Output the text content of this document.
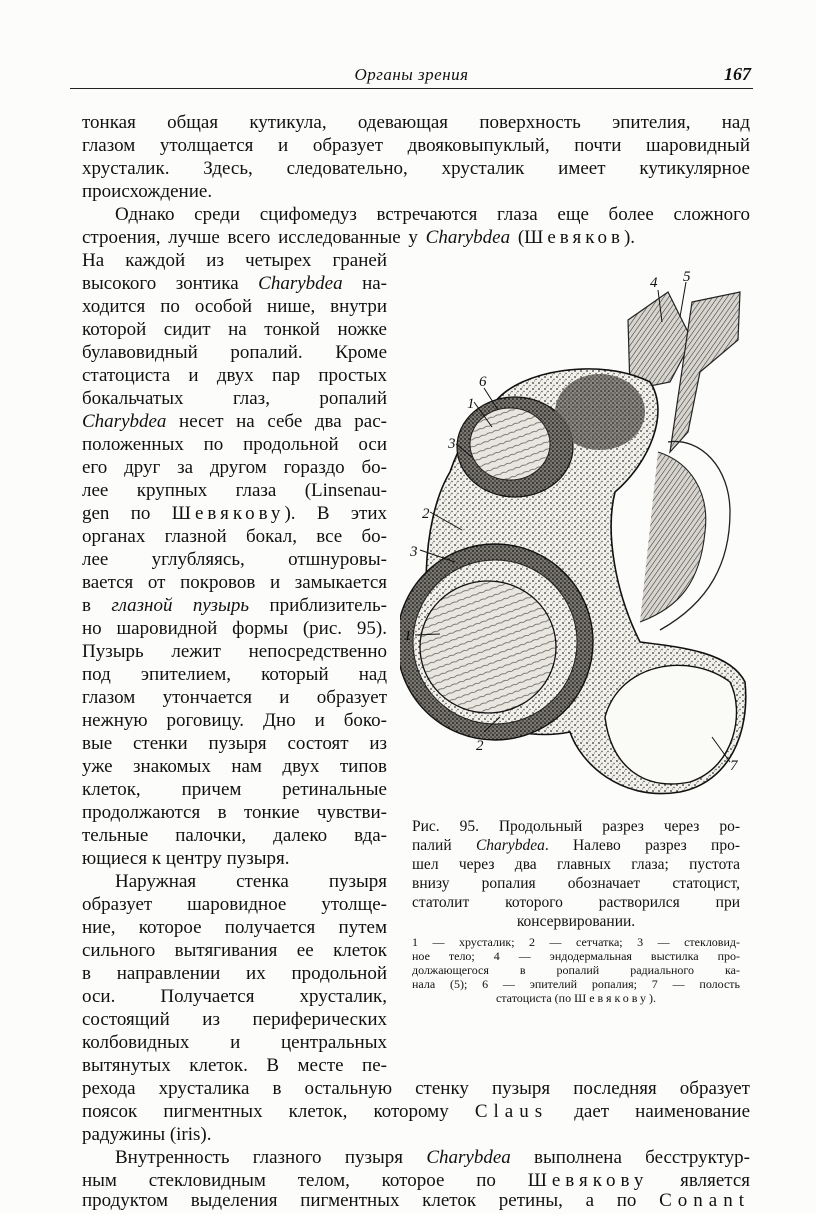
Органы зрения	167
тонкая общая кутикула, одевающая поверхность эпителия, над
глазом утолщается и образует двояковыпуклый, почти шаровидный
хрусталик. Здесь, следовательно, хрусталик имеет кутикулярное
происхождение.
Однако среди сцифомедуз встречаются глаза еще более сложного
строения, лучше всего исследованные у Charybdea (Шевяков).
На каждой из четырех граней
высокого зонтика Charybdea на-
ходится по особой нише, внутри
которой сидит на тонкой ножке
булавовидный ропалий. Кроме
статоциста и двух пар простых
бокальчатых глаз, ропалий
Charybdea несет на себе два рас-
положенных по продольной оси
его друг за другом гораздо бо-
лее крупных глаза (Linsenau-
gen по Шевякову). В этих
органах глазной бокал, все бо-
лее углубляясь, отшнуровы-
вается от покровов и замыкается
в глазной пузырь приблизитель-
но шаровидной формы (рис. 95).
Пузырь лежит непосредственно
под эпителием, который над
глазом утончается и образует
нежную роговицу. Дно и боко-
вые стенки пузыря состоят из
уже знакомых нам двух типов
клеток, причем ретинальные
продолжаются в тонкие чувстви-
тельные палочки, далеко вда-
ющиеся к центру пузыря.
Наружная стенка пузыря
образует шаровидное утолще-
ние, которое получается путем
сильного вытягивания ее клеток
в направлении их продольной
оси. Получается хрусталик,
состоящий из периферических
колбовидных и центральных
вытянутых клеток. В месте пе-
4 5
6
1
3
2
3
1
2
7
Рис. 95. Продольный разрез через ро-
палий Charybdea. Налево разрез про-
шел через два главных глаза; пустота
внизу ропалия обозначает статоцист,
статолит которого растворился при
консервировании.
1 — хрусталик; 2 — сетчатка; 3 — стекловид-
ное тело; 4 — эндодермальная выстилка про-
должающегося в ропалий радиального ка-
нала (5); 6 — эпителий ропалия; 7 — полость
статоциста (по Шевякову).
рехода хрусталика в остальную стенку пузыря последняя образует
поясок пигментных клеток, которому Claus дает наименование
радужины (iris).
Внутренность глазного пузыря Charybdea выполнена бесструктур-
ным стекловидным телом, которое по Шевякову является
продуктом выделения пигментных клеток ретины, а по Conant
